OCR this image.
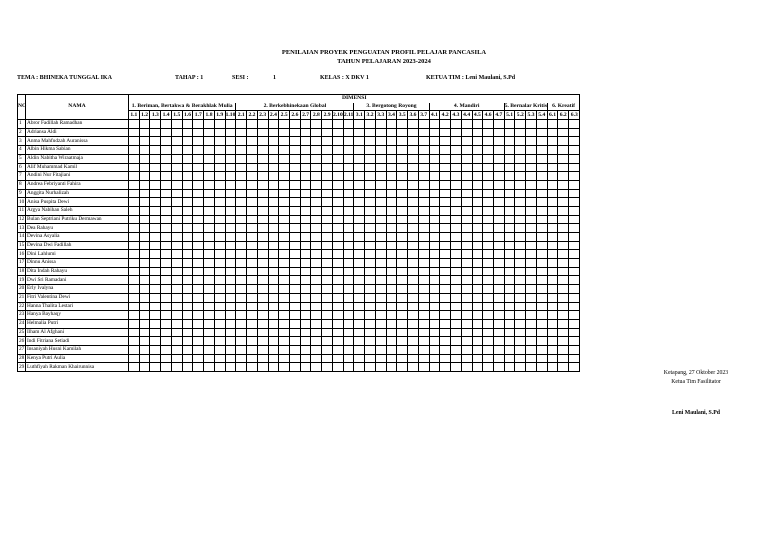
PENILAIAN PROYEK PENGUATAN PROFIL PELAJAR PANCASILA
TAHUN PELAJARAN 2023-2024
TEMA : BHINEKA TUNGGAL IKA	TAHAP : 1	SESI :	1	KELAS : X DKV 1	KETUA TIM : Leni Maulani, S.Pd
NO	NAMA	DIMENSI																																									
		1. Beriman, Bertakwa & Berakhlak Mulia										2. Berkebhinekaan Global											3. Bergotong Royong							4. Mandiri							5. Bernalar Kritis				6. Kreatif		
		1.1	1.2	1.3	1.4	1.5	1.6	1.7	1.8	1.9	1.10	2.1	2.2	2.3	2.4	2.5	2.6	2.7	2.8	2.9	2.10	2.11	3.1	3.2	3.3	3.4	3.5	3.6	3.7	4.1	4.2	4.3	4.4	4.5	4.6	4.7	5.1	5.2	5.3	5.4	6.1	6.2	6.3
1	Abror Fadillah Ramadhan																																										
2	Adriansa Aldi																																										
3	Anma Mahfudzah Auranissa																																										
4	Albin Hikma Sabian																																										
5	Aldin Nabitha Wiraatmaja																																										
6	Alif Muhammad Kamil																																										
7	Andini Nur Fitajiani																																										
8	Andrea Febriyanti Fahira																																										
9	Anggita Nurhalizah																																										
10	Anisa Puspita Dewi																																										
11	Argya Nabihan Saleh																																										
12	Bulan Septriani Putriku Dermawan																																										
13	Dea Rahayu																																										
14	Devina Asyalia																																										
15	Devina Dwi Fadillah																																										
16	Dini Lahlumi																																										
17	Dinnu Anissa																																										
18	Dita Indah Rahayu																																										
19	Dwi Sri Ramadani																																										
20	Erly Ivalyna																																										
21	Fitri Valentina Dewi																																										
22	Hanna Thalita Lestari																																										
23	Hanya Bayhaqy																																										
24	Helmalia Putri																																										
25	Ilham Al Afghani																																										
26	Indi Fitriana Setiadi																																										
27	Insaniyah Husni Kamilah																																										
28	Kenya Putri Aulia																																										
29	Luthfiyah Rakman Khairunnisa																																										
Ketapang, 27 Oktober 2023
Ketua Tim Fasilitator
Leni Maulani, S.Pd
